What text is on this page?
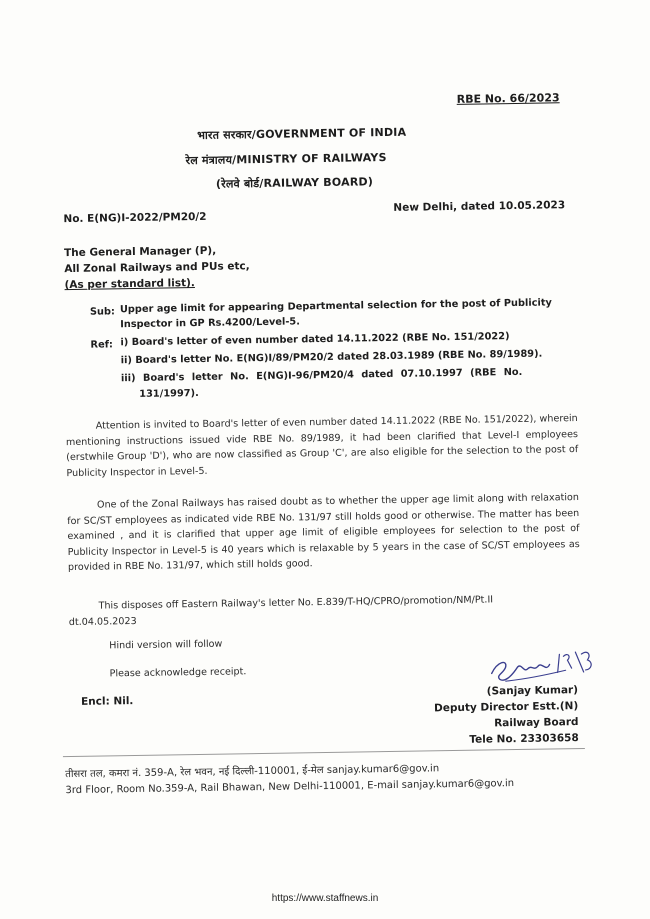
RBE No. 66/2023
भारत सरकार/GOVERNMENT OF INDIA
रेल मंत्रालय/MINISTRY OF RAILWAYS
(रेलवे बोर्ड/RAILWAY BOARD)
No. E(NG)I-2022/PM20/2
New Delhi, dated 10.05.2023
The General Manager (P),
All Zonal Railways and PUs etc,
(As per standard list).
Sub: Upper age limit for appearing Departmental selection for the post of Publicity
Inspector in GP Rs.4200/Level-5.
Ref: i) Board's letter of even number dated 14.11.2022 (RBE No. 151/2022)
ii) Board's letter No. E(NG)I/89/PM20/2 dated 28.03.1989 (RBE No. 89/1989).
iii) Board's letter No. E(NG)I-96/PM20/4 dated 07.10.1997 (RBE No.
131/1997).

Attention is invited to Board's letter of even number dated 14.11.2022 (RBE No. 151/2022), wherein mentioning instructions issued vide RBE No. 89/1989, it had been clarified that Level-I employees (erstwhile Group 'D'), who are now classified as Group 'C', are also eligible for the selection to the post of Publicity Inspector in Level-5.

One of the Zonal Railways has raised doubt as to whether the upper age limit along with relaxation for SC/ST employees as indicated vide RBE No. 131/97 still holds good or otherwise. The matter has been examined , and it is clarified that upper age limit of eligible employees for selection to the post of Publicity Inspector in Level-5 is 40 years which is relaxable by 5 years in the case of SC/ST employees as provided in RBE No. 131/97, which still holds good.

This disposes off Eastern Railway's letter No. E.839/T-HQ/CPRO/promotion/NM/Pt.II
dt.04.05.2023
Hindi version will follow
Please acknowledge receipt.
Encl: Nil.
(Sanjay Kumar)
Deputy Director Estt.(N)
Railway Board
Tele No. 23303658
तीसरा तल, कमरा नं. 359-A, रेल भवन, नई दिल्ली-110001, ई-मेल sanjay.kumar6@gov.in
3rd Floor, Room No.359-A, Rail Bhawan, New Delhi-110001, E-mail sanjay.kumar6@gov.in
https://www.staffnews.in
